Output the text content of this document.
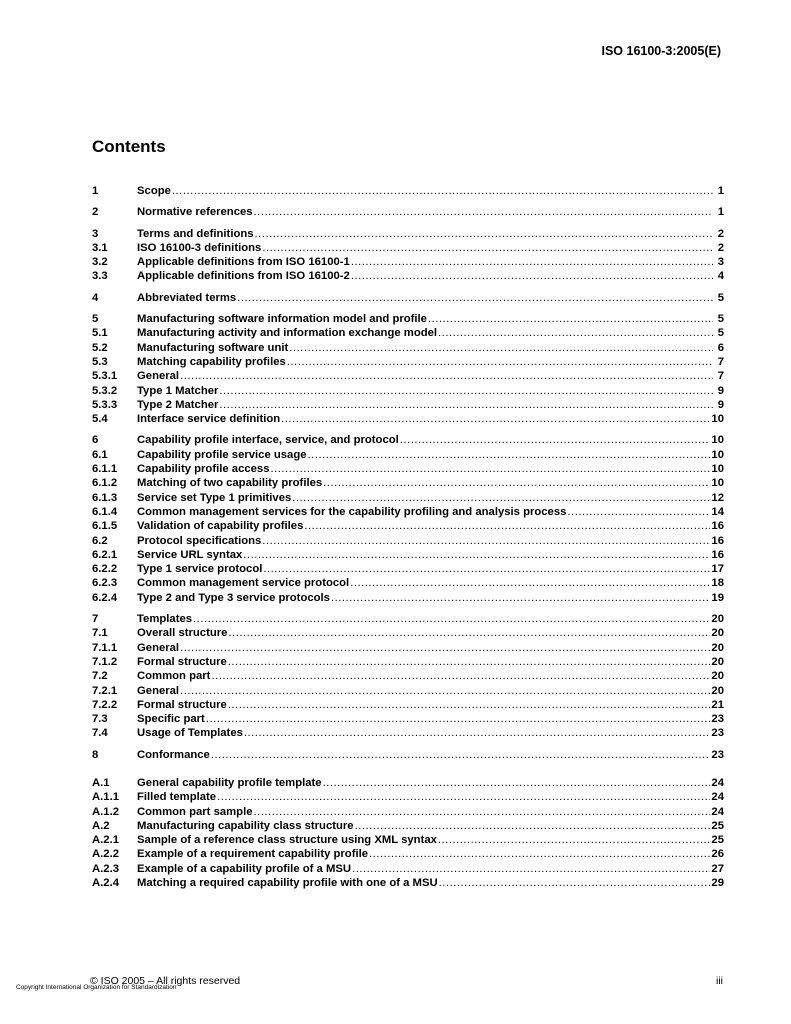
ISO 16100-3:2005(E)
Contents
1	Scope .....	1
2	Normative references .....	1
3	Terms and definitions .....	2
3.1	ISO 16100-3 definitions .....	2
3.2	Applicable definitions from ISO 16100-1 .....	3
3.3	Applicable definitions from ISO 16100-2 .....	4
4	Abbreviated terms .....	5
5	Manufacturing software information model and profile .....	5
5.1	Manufacturing activity and information exchange model .....	5
5.2	Manufacturing software unit .....	6
5.3	Matching capability profiles .....	7
5.3.1	General .....	7
5.3.2	Type 1 Matcher .....	9
5.3.3	Type 2 Matcher .....	9
5.4	Interface service definition .....	10
6	Capability profile interface, service, and protocol .....	10
6.1	Capability profile service usage .....	10
6.1.1	Capability profile access .....	10
6.1.2	Matching of two capability profiles .....	10
6.1.3	Service set Type 1 primitives .....	12
6.1.4	Common management services for the capability profiling and analysis process .....	14
6.1.5	Validation of capability profiles .....	16
6.2	Protocol specifications .....	16
6.2.1	Service URL syntax .....	16
6.2.2	Type 1 service protocol .....	17
6.2.3	Common management service protocol .....	18
6.2.4	Type 2 and Type 3 service protocols .....	19
7	Templates .....	20
7.1	Overall structure .....	20
7.1.1	General .....	20
7.1.2	Formal structure .....	20
7.2	Common part .....	20
7.2.1	General .....	20
7.2.2	Formal structure .....	21
7.3	Specific part .....	23
7.4	Usage of Templates .....	23
8	Conformance .....	23
A.1	General capability profile template .....	24
A.1.1	Filled template .....	24
A.1.2	Common part sample .....	24
A.2	Manufacturing capability class structure .....	25
A.2.1	Sample of a reference class structure using XML syntax .....	25
A.2.2	Example of a requirement capability profile .....	26
A.2.3	Example of a capability profile of a MSU .....	27
A.2.4	Matching a required capability profile with one of a MSU .....	29
© ISO 2005 – All rights reserved
Copyright International Organization for Standardization
iii
